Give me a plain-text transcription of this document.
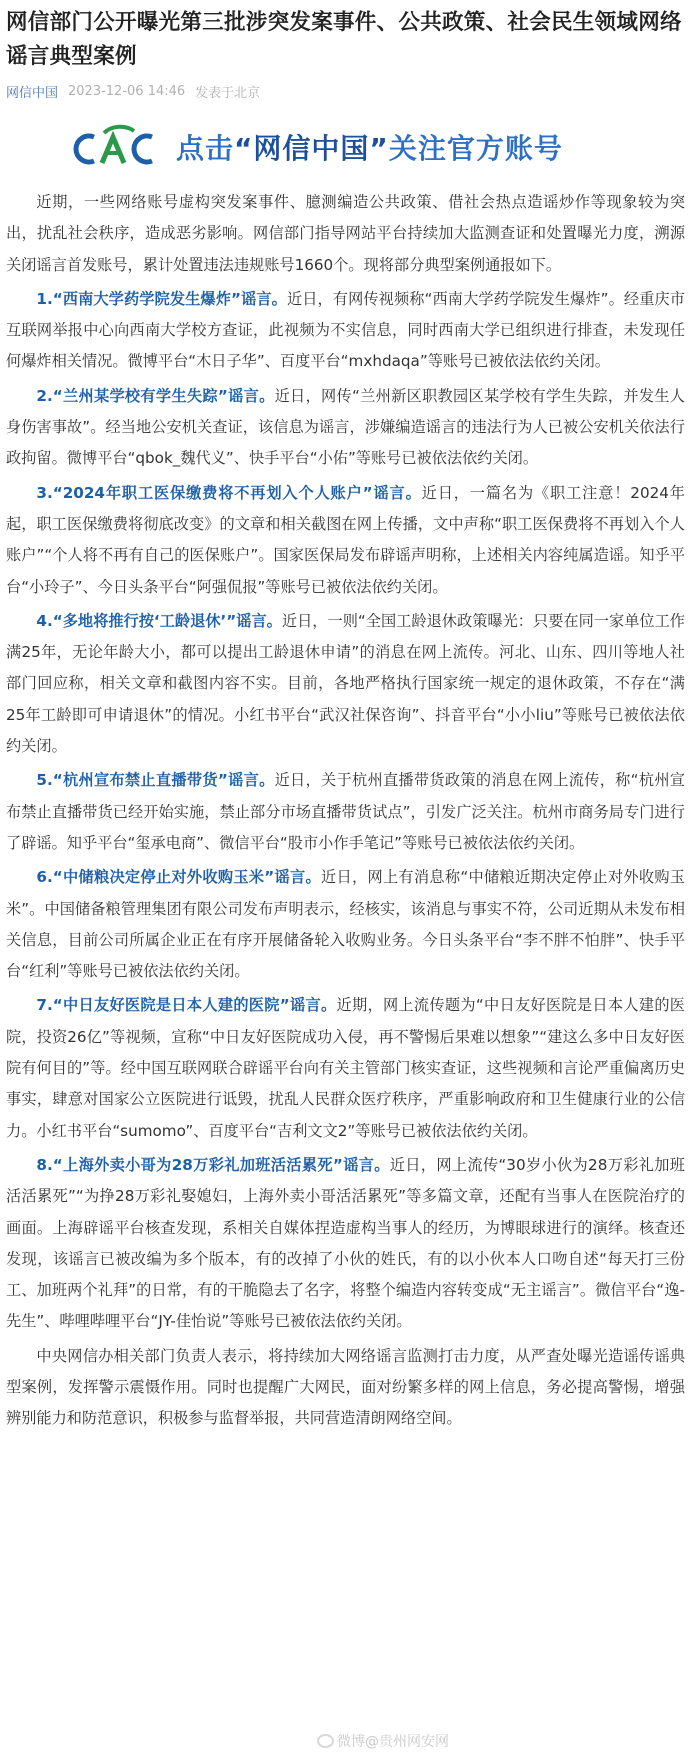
网信部门公开曝光第三批涉突发案事件、公共政策、社会民生领域网络谣言典型案例
网信中国 2023-12-06 14:46 发表于北京
点击“网信中国”关注官方账号

近期，一些网络账号虚构突发案事件、臆测编造公共政策、借社会热点造谣炒作等现象较为突出，扰乱社会秩序，造成恶劣影响。网信部门指导网站平台持续加大监测查证和处置曝光力度，溯源关闭谣言首发账号，累计处置违法违规账号1660个。现将部分典型案例通报如下。

1.“西南大学药学院发生爆炸”谣言。近日，有网传视频称“西南大学药学院发生爆炸”。经重庆市互联网举报中心向西南大学校方查证，此视频为不实信息，同时西南大学已组织进行排查，未发现任何爆炸相关情况。微博平台“木日子华”、百度平台“mxhdaqa”等账号已被依法依约关闭。

2.“兰州某学校有学生失踪”谣言。近日，网传“兰州新区职教园区某学校有学生失踪，并发生人身伤害事故”。经当地公安机关查证，该信息为谣言，涉嫌编造谣言的违法行为人已被公安机关依法行政拘留。微博平台“qbok_魏代义”、快手平台“小佑”等账号已被依法依约关闭。

3.“2024年职工医保缴费将不再划入个人账户”谣言。近日，一篇名为《职工注意！2024年起，职工医保缴费将彻底改变》的文章和相关截图在网上传播，文中声称“职工医保费将不再划入个人账户”“个人将不再有自己的医保账户”。国家医保局发布辟谣声明称，上述相关内容纯属造谣。知乎平台“小玲子”、今日头条平台“阿强侃报”等账号已被依法依约关闭。

4.“多地将推行按‘工龄退休’”谣言。近日，一则“全国工龄退休政策曝光：只要在同一家单位工作满25年，无论年龄大小，都可以提出工龄退休申请”的消息在网上流传。河北、山东、四川等地人社部门回应称，相关文章和截图内容不实。目前，各地严格执行国家统一规定的退休政策，不存在“满25年工龄即可申请退休”的情况。小红书平台“武汉社保咨询”、抖音平台“小小liu”等账号已被依法依约关闭。

5.“杭州宣布禁止直播带货”谣言。近日，关于杭州直播带货政策的消息在网上流传，称“杭州宣布禁止直播带货已经开始实施，禁止部分市场直播带货试点”，引发广泛关注。杭州市商务局专门进行了辟谣。知乎平台“玺承电商”、微信平台“股市小作手笔记”等账号已被依法依约关闭。

6.“中储粮决定停止对外收购玉米”谣言。近日，网上有消息称“中储粮近期决定停止对外收购玉米”。中国储备粮管理集团有限公司发布声明表示，经核实，该消息与事实不符，公司近期从未发布相关信息，目前公司所属企业正在有序开展储备轮入收购业务。今日头条平台“李不胖不怕胖”、快手平台“红利”等账号已被依法依约关闭。

7.“中日友好医院是日本人建的医院”谣言。近期，网上流传题为“中日友好医院是日本人建的医院，投资26亿”等视频，宣称“中日友好医院成功入侵，再不警惕后果难以想象”“建这么多中日友好医院有何目的”等。经中国互联网联合辟谣平台向有关主管部门核实查证，这些视频和言论严重偏离历史事实，肆意对国家公立医院进行诋毁，扰乱人民群众医疗秩序，严重影响政府和卫生健康行业的公信力。小红书平台“sumomo”、百度平台“吉利文文2”等账号已被依法依约关闭。

8.“上海外卖小哥为28万彩礼加班活活累死”谣言。近日，网上流传“30岁小伙为28万彩礼加班活活累死”“为挣28万彩礼娶媳妇，上海外卖小哥活活累死”等多篇文章，还配有当事人在医院治疗的画面。上海辟谣平台核查发现，系相关自媒体捏造虚构当事人的经历，为博眼球进行的演绎。核查还发现，该谣言已被改编为多个版本，有的改掉了小伙的姓氏，有的以小伙本人口吻自述“每天打三份工、加班两个礼拜”的日常，有的干脆隐去了名字，将整个编造内容转变成“无主谣言”。微信平台“逸-先生”、哔哩哔哩平台“JY-佳怡说”等账号已被依法依约关闭。

中央网信办相关部门负责人表示，将持续加大网络谣言监测打击力度，从严查处曝光造谣传谣典型案例，发挥警示震慑作用。同时也提醒广大网民，面对纷繁多样的网上信息，务必提高警惕，增强辨别能力和防范意识，积极参与监督举报，共同营造清朗网络空间。

微博@贵州网安网
